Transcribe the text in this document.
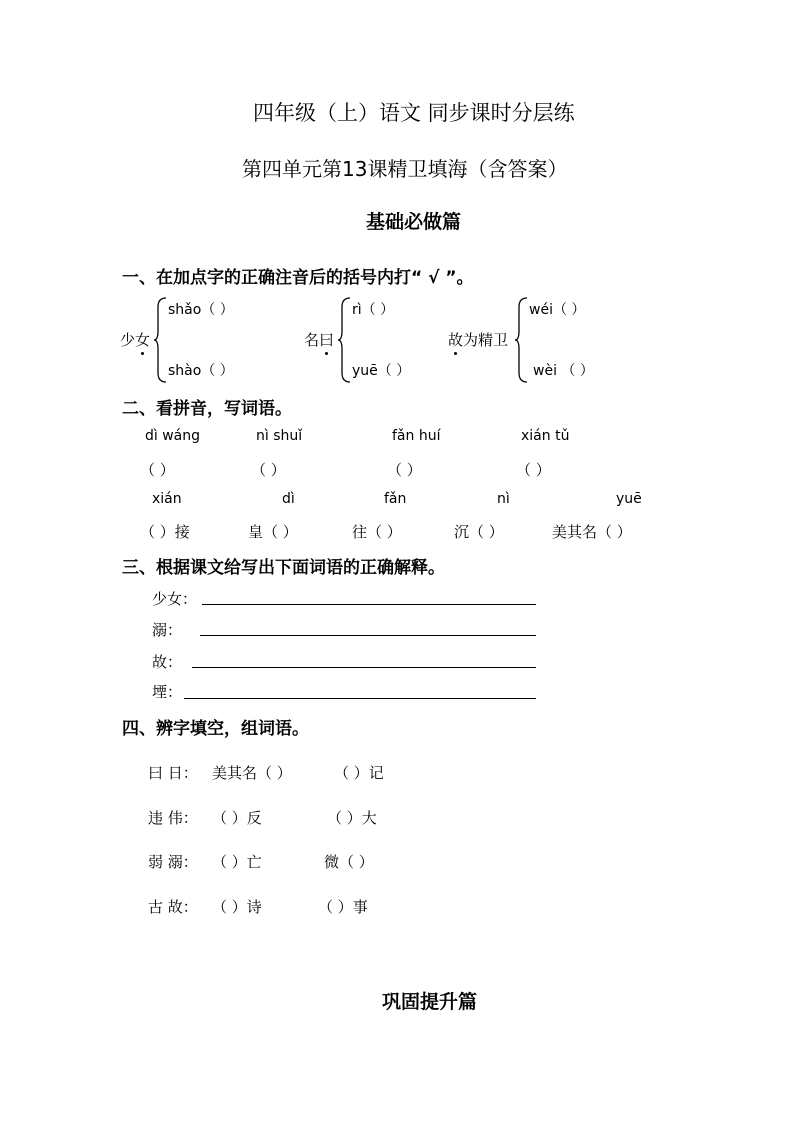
四年级（上）语文 同步课时分层练
第四单元第13课精卫填海（含答案）
基础必做篇
一、在加点字的正确注音后的括号内打“ √ ”。
少女
shǎo（ ）
shào（ ）
名曰
rì（ ）
yuē（ ）
故为精卫
wéi（ ）
wèi （ ）
二、看拼音，写词语。
dì wáng	nì shuǐ	fǎn huí	xián tǔ
（ ）	（ ）	（ ）	（ ）
xián	dì	fǎn	nì	yuē
（ ）接	皇（ ）	往（ ）	沉（ ）	美其名（ ）
三、根据课文给写出下面词语的正确解释。
少女：
溺：
故：
堙：
四、辨字填空，组词语。
曰 日： 美其名（ ）	（ ）记
违 伟： （ ）反	（ ）大
弱 溺： （ ）亡	微（ ）
古 故： （ ）诗	（ ）事
巩固提升篇
